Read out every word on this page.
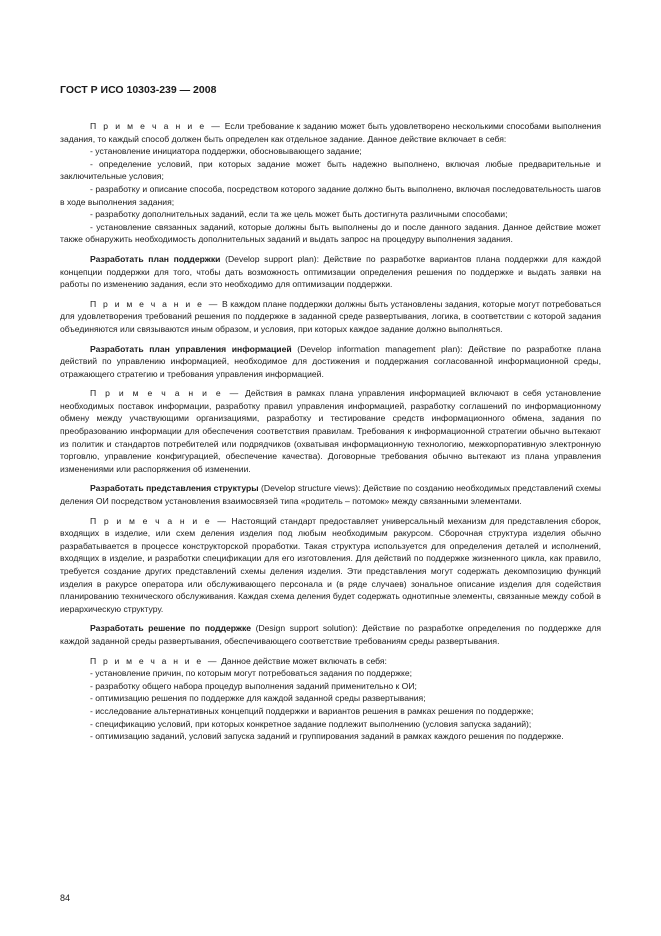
ГОСТ Р ИСО 10303-239 — 2008

П р и м е ч а н и е — Если требование к заданию может быть удовлетворено несколькими способами выполнения задания, то каждый способ должен быть определен как отдельное задание. Данное действие включает в себя:

- установление инициатора поддержки, обосновывающего задание;

- определение условий, при которых задание может быть надежно выполнено, включая любые предварительные и заключительные условия;

- разработку и описание способа, посредством которого задание должно быть выполнено, включая последовательность шагов в ходе выполнения задания;

- разработку дополнительных заданий, если та же цель может быть достигнута различными способами;

- установление связанных заданий, которые должны быть выполнены до и после данного задания. Данное действие может также обнаружить необходимость дополнительных заданий и выдать запрос на процедуру выполнения задания.

Разработать план поддержки (Develop support plan): Действие по разработке вариантов плана поддержки для каждой концепции поддержки для того, чтобы дать возможность оптимизации определения решения по поддержке и выдать заявки на работы по изменению задания, если это необходимо для оптимизации поддержки.

П р и м е ч а н и е — В каждом плане поддержки должны быть установлены задания, которые могут потребоваться для удовлетворения требований решения по поддержке в заданной среде развертывания, логика, в соответствии с которой задания объединяются или связываются иным образом, и условия, при которых каждое задание должно выполняться.

Разработать план управления информацией (Develop information management plan): Действие по разработке плана действий по управлению информацией, необходимое для достижения и поддержания согласованной информационной среды, отражающего стратегию и требования управления информацией.

П р и м е ч а н и е — Действия в рамках плана управления информацией включают в себя установление необходимых поставок информации, разработку правил управления информацией, разработку соглашений по информационному обмену между участвующими организациями, разработку и тестирование средств информационного обмена, задания по преобразованию информации для обеспечения соответствия правилам. Требования к информационной стратегии обычно вытекают из политик и стандартов потребителей или подрядчиков (охватывая информационную технологию, межкорпоративную электронную торговлю, управление конфигурацией, обеспечение качества). Договорные требования обычно вытекают из плана управления изменениями или распоряжения об изменении.

Разработать представления структуры (Develop structure views): Действие по созданию необходимых представлений схемы деления ОИ посредством установления взаимосвязей типа «родитель – потомок» между связанными элементами.

П р и м е ч а н и е — Настоящий стандарт предоставляет универсальный механизм для представления сборок, входящих в изделие, или схем деления изделия под любым необходимым ракурсом. Сборочная структура изделия обычно разрабатывается в процессе конструкторской проработки. Такая структура используется для определения деталей и исполнений, входящих в изделие, и разработки спецификации для его изготовления. Для действий по поддержке жизненного цикла, как правило, требуется создание других представлений схемы деления изделия. Эти представления могут содержать декомпозицию функций изделия в ракурсе оператора или обслуживающего персонала и (в ряде случаев) зональное описание изделия для содействия планированию технического обслуживания. Каждая схема деления будет содержать однотипные элементы, связанные между собой в иерархическую структуру.

Разработать решение по поддержке (Design support solution): Действие по разработке определения по поддержке для каждой заданной среды развертывания, обеспечивающего соответствие требованиям среды развертывания.

П р и м е ч а н и е — Данное действие может включать в себя:

- установление причин, по которым могут потребоваться задания по поддержке;

- разработку общего набора процедур выполнения заданий применительно к ОИ;

- оптимизацию решения по поддержке для каждой заданной среды развертывания;

- исследование альтернативных концепций поддержки и вариантов решения в рамках решения по поддержке;

- спецификацию условий, при которых конкретное задание подлежит выполнению (условия запуска заданий);

- оптимизацию заданий, условий запуска заданий и группирования заданий в рамках каждого решения по поддержке.

84
